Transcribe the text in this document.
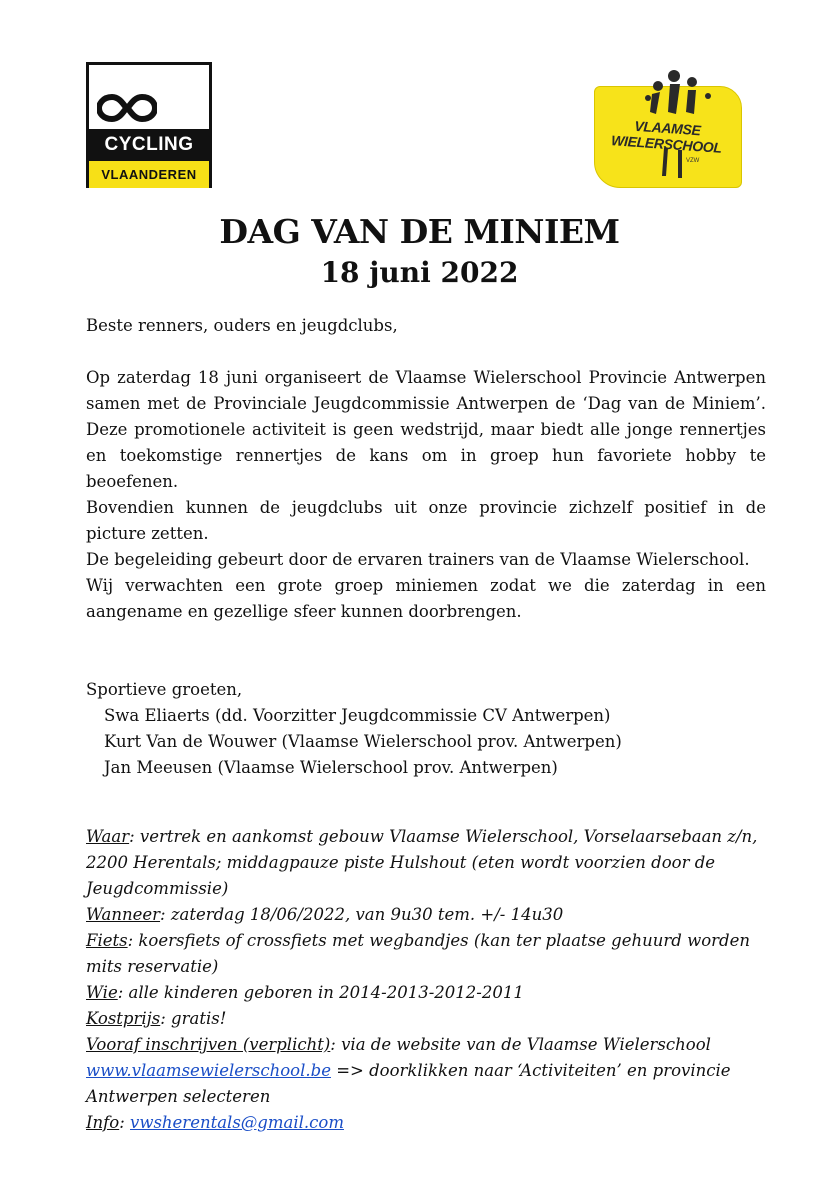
CYCLING
VLAANDEREN
VLAAMSE WIELERSCHOOL
VZW
DAG VAN DE MINIEM
18 juni 2022
Beste renners, ouders en jeugdclubs,

Op zaterdag 18 juni organiseert de Vlaamse Wielerschool Provincie Antwerpen samen met de Provinciale Jeugdcommissie Antwerpen de ‘Dag van de Miniem’. Deze promotionele activiteit is geen wedstrijd, maar biedt alle jonge rennertjes en toekomstige rennertjes de kans om in groep hun favoriete hobby te beoefenen.

Bovendien kunnen de jeugdclubs uit onze provincie zichzelf positief in de picture zetten.

De begeleiding gebeurt door de ervaren trainers van de Vlaamse Wielerschool.

Wij verwachten een grote groep miniemen zodat we die zaterdag in een aangename en gezellige sfeer kunnen doorbrengen.

Sportieve groeten,
Swa Eliaerts (dd. Voorzitter Jeugdcommissie CV Antwerpen)
Kurt Van de Wouwer (Vlaamse Wielerschool prov. Antwerpen)
Jan Meeusen (Vlaamse Wielerschool prov. Antwerpen)

Waar: vertrek en aankomst gebouw Vlaamse Wielerschool, Vorselaarsebaan z/n, 2200 Herentals; middagpauze piste Hulshout (eten wordt voorzien door de Jeugdcommissie)

Wanneer: zaterdag 18/06/2022, van 9u30 tem. +/- 14u30

Fiets: koersfiets of crossfiets met wegbandjes (kan ter plaatse gehuurd worden mits reservatie)

Wie: alle kinderen geboren in 2014-2013-2012-2011

Kostprijs: gratis!

Vooraf inschrijven (verplicht): via de website van de Vlaamse Wielerschool
www.vlaamsewielerschool.be => doorklikken naar ‘Activiteiten’ en provincie Antwerpen selecteren

Info: vwsherentals@gmail.com
